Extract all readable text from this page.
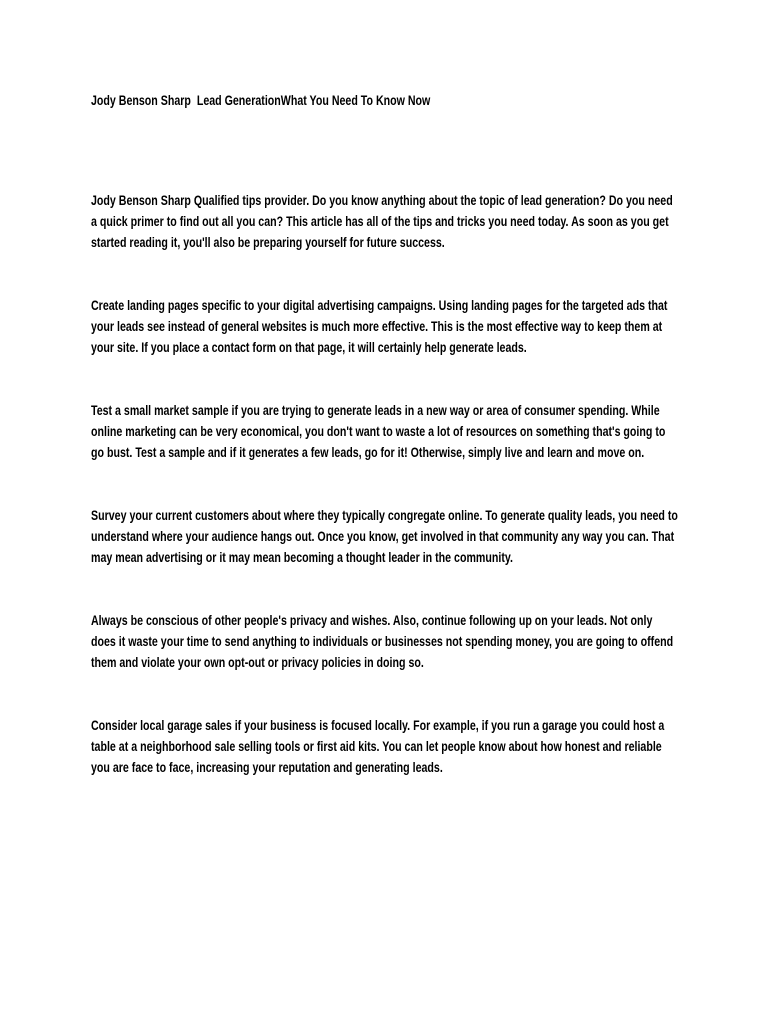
Jody Benson Sharp  Lead GenerationWhat You Need To Know Now

Jody Benson Sharp Qualified tips provider. Do you know anything about the topic of lead generation? Do you need a quick primer to find out all you can? This article has all of the tips and tricks you need today. As soon as you get started reading it, you'll also be preparing yourself for future success.

Create landing pages specific to your digital advertising campaigns. Using landing pages for the targeted ads that your leads see instead of general websites is much more effective. This is the most effective way to keep them at your site. If you place a contact form on that page, it will certainly help generate leads.

Test a small market sample if you are trying to generate leads in a new way or area of consumer spending. While online marketing can be very economical, you don't want to waste a lot of resources on something that's going to go bust. Test a sample and if it generates a few leads, go for it! Otherwise, simply live and learn and move on.

Survey your current customers about where they typically congregate online. To generate quality leads, you need to understand where your audience hangs out. Once you know, get involved in that community any way you can. That may mean advertising or it may mean becoming a thought leader in the community.

Always be conscious of other people's privacy and wishes. Also, continue following up on your leads. Not only does it waste your time to send anything to individuals or businesses not spending money, you are going to offend them and violate your own opt-out or privacy policies in doing so.

Consider local garage sales if your business is focused locally. For example, if you run a garage you could host a table at a neighborhood sale selling tools or first aid kits. You can let people know about how honest and reliable you are face to face, increasing your reputation and generating leads.
